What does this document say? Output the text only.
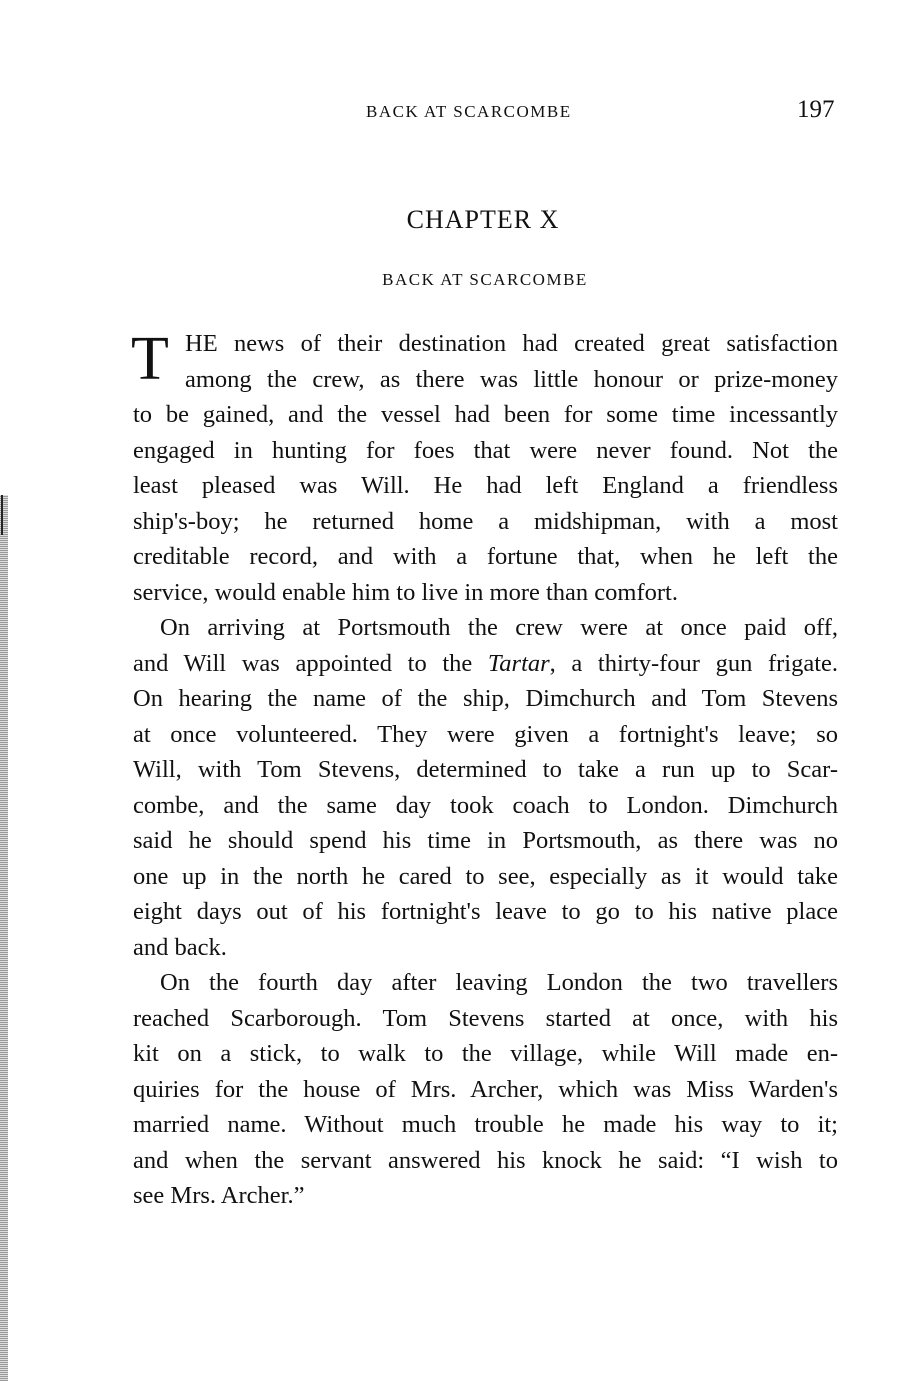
BACK AT SCARCOMBE	197
CHAPTER X
BACK AT SCARCOMBE
T HE news of their destination had created great satisfaction
among the crew, as there was little honour or prize-money
to be gained, and the vessel had been for some time incessantly
engaged in hunting for foes that were never found. Not the
least pleased was Will. He had left England a friendless
ship's-boy; he returned home a midshipman, with a most
creditable record, and with a fortune that, when he left the
service, would enable him to live in more than comfort.
On arriving at Portsmouth the crew were at once paid off,
and Will was appointed to the Tartar, a thirty-four gun frigate.
On hearing the name of the ship, Dimchurch and Tom Stevens
at once volunteered. They were given a fortnight's leave; so
Will, with Tom Stevens, determined to take a run up to Scar-
combe, and the same day took coach to London. Dimchurch
said he should spend his time in Portsmouth, as there was no
one up in the north he cared to see, especially as it would take
eight days out of his fortnight's leave to go to his native place
and back.
On the fourth day after leaving London the two travellers
reached Scarborough. Tom Stevens started at once, with his
kit on a stick, to walk to the village, while Will made en-
quiries for the house of Mrs. Archer, which was Miss Warden's
married name. Without much trouble he made his way to it;
and when the servant answered his knock he said: “I wish to
see Mrs. Archer.”
